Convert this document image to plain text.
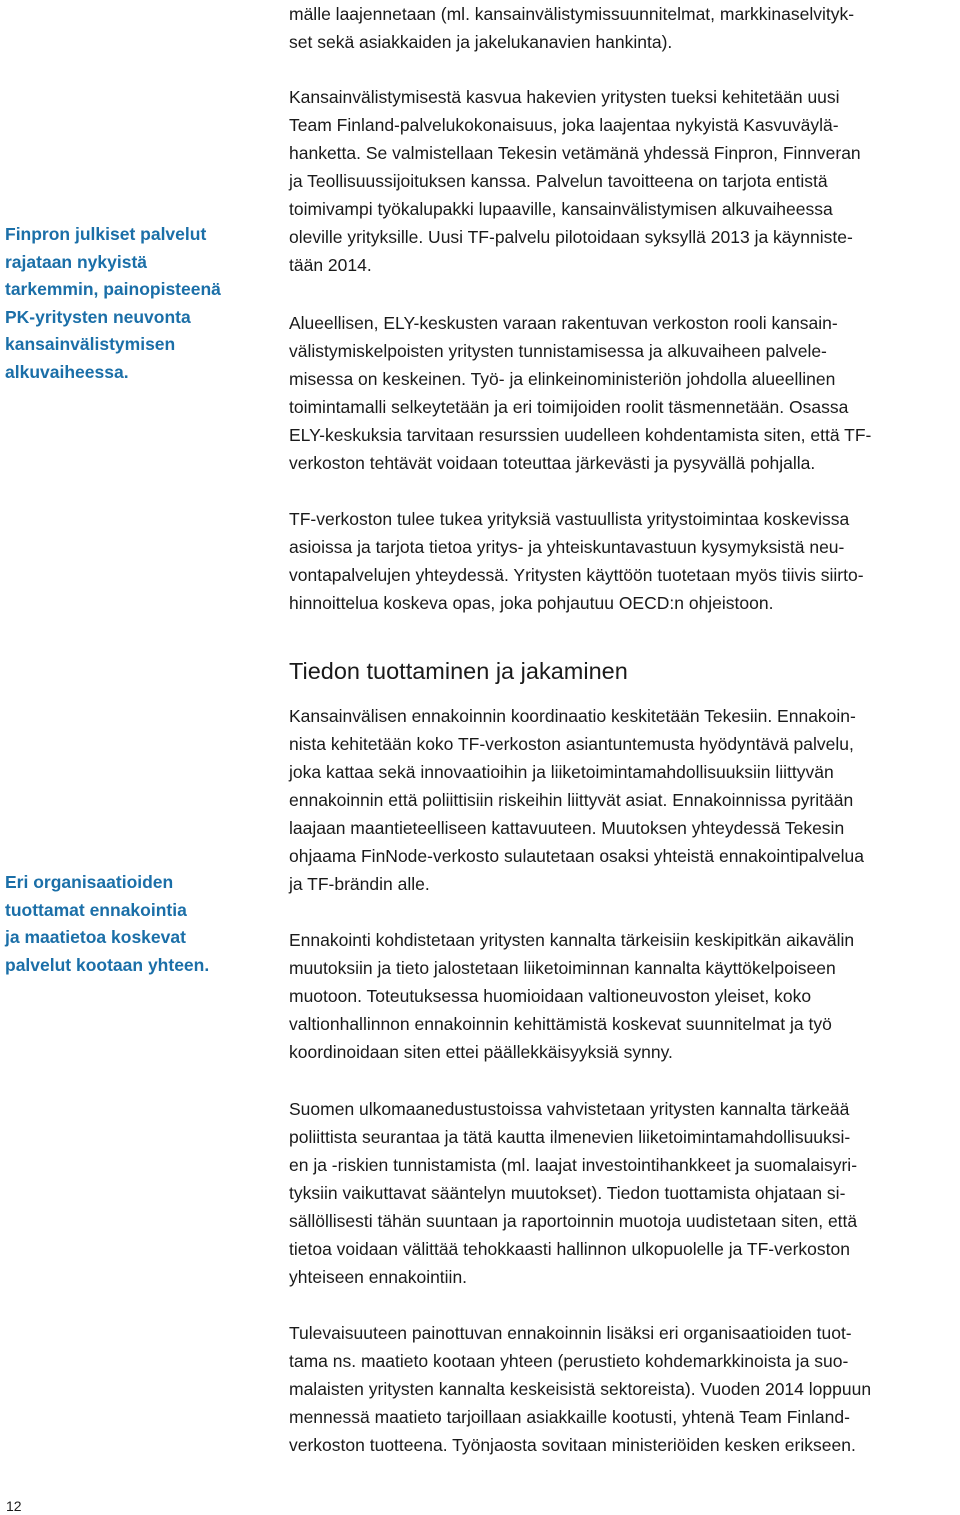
mälle laajennetaan (ml. kansainvälistymissuunnitelmat, markkinaselvityk-

set sekä asiakkaiden ja jakelukanavien hankinta).

Finpron julkiset palvelut

rajataan nykyistä

tarkemmin, painopisteenä

PK-yritysten neuvonta

kansainvälistymisen

alkuvaiheessa.

Kansainvälistymisestä kasvua hakevien yritysten tueksi kehitetään uusi

Team Finland-palvelukokonaisuus, joka laajentaa nykyistä Kasvuväylä-

hanketta. Se valmistellaan Tekesin vetämänä yhdessä Finpron, Finnveran

ja Teollisuussijoituksen kanssa. Palvelun tavoitteena on tarjota entistä

toimivampi työkalupakki lupaaville, kansainvälistymisen alkuvaiheessa

oleville yrityksille. Uusi TF-palvelu pilotoidaan syksyllä 2013 ja käynniste-

tään 2014.

Alueellisen, ELY-keskusten varaan rakentuvan verkoston rooli kansain-

välistymiskelpoisten yritysten tunnistamisessa ja alkuvaiheen palvele-

misessa on keskeinen. Työ- ja elinkeinoministeriön johdolla alueellinen

toimintamalli selkeytetään ja eri toimijoiden roolit täsmennetään. Osassa

ELY-keskuksia tarvitaan resurssien uudelleen kohdentamista siten, että TF-

verkoston tehtävät voidaan toteuttaa järkevästi ja pysyvällä pohjalla.

TF-verkoston tulee tukea yrityksiä vastuullista yritystoimintaa koskevissa

asioissa ja tarjota tietoa yritys- ja yhteiskuntavastuun kysymyksistä neu-

vontapalvelujen yhteydessä. Yritysten käyttöön tuotetaan myös tiivis siirto-

hinnoittelua koskeva opas, joka pohjautuu OECD:n ohjeistoon.

Tiedon tuottaminen ja jakaminen

Kansainvälisen ennakoinnin koordinaatio keskitetään Tekesiin. Ennakoin-

nista kehitetään koko TF-verkoston asiantuntemusta hyödyntävä palvelu,

joka kattaa sekä innovaatioihin ja liiketoimintamahdollisuuksiin liittyvän

ennakoinnin että poliittisiin riskeihin liittyvät asiat. Ennakoinnissa pyritään

laajaan maantieteelliseen kattavuuteen. Muutoksen yhteydessä Tekesin

ohjaama FinNode-verkosto sulautetaan osaksi yhteistä ennakointipalvelua

ja TF-brändin alle.

Eri organisaatioiden

tuottamat ennakointia

ja maatietoa koskevat

palvelut kootaan yhteen.

Ennakointi kohdistetaan yritysten kannalta tärkeisiin keskipitkän aikavälin

muutoksiin ja tieto jalostetaan liiketoiminnan kannalta käyttökelpoiseen

muotoon. Toteutuksessa huomioidaan valtioneuvoston yleiset, koko

valtionhallinnon ennakoinnin kehittämistä koskevat suunnitelmat ja työ

koordinoidaan siten ettei päällekkäisyyksiä synny.

Suomen ulkomaanedustustoissa vahvistetaan yritysten kannalta tärkeää

poliittista seurantaa ja tätä kautta ilmenevien liiketoimintamahdollisuuksi-

en ja -riskien tunnistamista (ml. laajat investointihankkeet ja suomalaisyri-

tyksiin vaikuttavat sääntelyn muutokset). Tiedon tuottamista ohjataan si-

sällöllisesti tähän suuntaan ja raportoinnin muotoja uudistetaan siten, että

tietoa voidaan välittää tehokkaasti hallinnon ulkopuolelle ja TF-verkoston

yhteiseen ennakointiin.

Tulevaisuuteen painottuvan ennakoinnin lisäksi eri organisaatioiden tuot-

tama ns. maatieto kootaan yhteen (perustieto kohdemarkkinoista ja suo-

malaisten yritysten kannalta keskeisistä sektoreista). Vuoden 2014 loppuun

mennessä maatieto tarjoillaan asiakkaille kootusti, yhtenä Team Finland-

verkoston tuotteena. Työnjaosta sovitaan ministeriöiden kesken erikseen.

12
